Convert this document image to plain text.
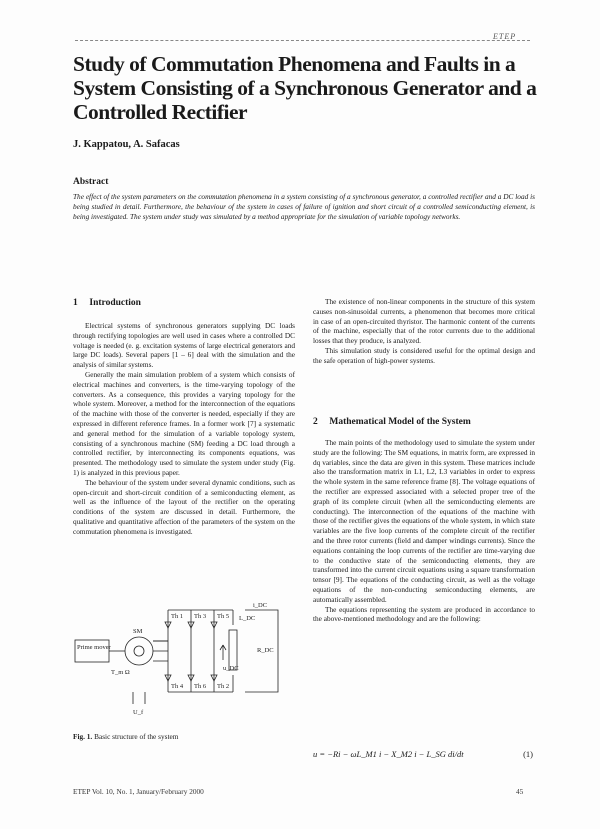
ETEP
Study of Commutation Phenomena and Faults in a System Consisting of a Synchronous Generator and a Controlled Rectifier
J. Kappatou, A. Safacas
Abstract
The effect of the system parameters on the commutation phenomena in a system consisting of a synchronous generator, a controlled rectifier and a DC load is being studied in detail. Furthermore, the behaviour of the system in cases of failure of ignition and short circuit of a controlled semiconducting element, is being investigated. The system under study was simulated by a method appropriate for the simulation of variable topology networks.
1 Introduction

Electrical systems of synchronous generators supplying DC loads through rectifying topologies are well used in cases where a controlled DC voltage is needed (e. g. excitation systems of large electrical generators and large DC loads). Several papers [1 – 6] deal with the simulation and the analysis of similar systems.

Generally the main simulation problem of a system which consists of electrical machines and converters, is the time-varying topology of the converters. As a consequence, this provides a varying topology for the whole system. Moreover, a method for the interconnection of the equations of the machine with those of the converter is needed, especially if they are expressed in different reference frames. In a former work [7] a systematic and general method for the simulation of a variable topology system, consisting of a synchronous machine (SM) feeding a DC load through a controlled rectifier, by interconnecting its components equations, was presented. The methodology used to simulate the system under study (Fig. 1) is analyzed in this previous paper.

The behaviour of the system under several dynamic conditions, such as open-circuit and short-circuit condition of a semiconducting element, as well as the influence of the layout of the rectifier on the operating conditions of the system are discussed in detail. Furthermore, the qualitative and quantitative affection of the parameters of the system on the commutation phenomena is investigated.

Prime mover
SM
Th 1 Th 3 Th 5
Th 4 Th 6 Th 2
L_DC
R_DC
u_DC
i_DC
T_m Ω
U_f
Fig. 1. Basic structure of the system

The existence of non-linear components in the structure of this system causes non-sinusoidal currents, a phenomenon that becomes more critical in case of an open-circuited thyristor. The harmonic content of the currents of the machine, especially that of the rotor currents due to the additional losses that they produce, is analyzed.

This simulation study is considered useful for the optimal design and the safe operation of high-power systems.

2 Mathematical Model of the System

The main points of the methodology used to simulate the system under study are the following: The SM equations, in matrix form, are expressed in dq variables, since the data are given in this system. These matrices include also the transformation matrix in L1, L2, L3 variables in order to express the whole system in the same reference frame [8]. The voltage equations of the rectifier are expressed associated with a selected proper tree of the graph of its complete circuit (when all the semiconducting elements are conducting). The interconnection of the equations of the machine with those of the rectifier gives the equations of the whole system, in which state variables are the five loop currents of the complete circuit of the rectifier and the three rotor currents (field and damper windings currents). Since the equations containing the loop currents of the rectifier are time-varying due to the conductive state of the semiconducting elements, they are transformed into the current circuit equations using a square transformation tensor [9]. The equations of the conducting circuit, as well as the voltage equations of the non-conducting semiconducting elements, are automatically assembled.

The equations representing the system are produced in accordance to the above-mentioned methodology and are the following:

u = −Ri − ωL_M1 i − X_M2 i − L_SG di/dt	(1)
ETEP Vol. 10, No. 1, January/February 2000	45
